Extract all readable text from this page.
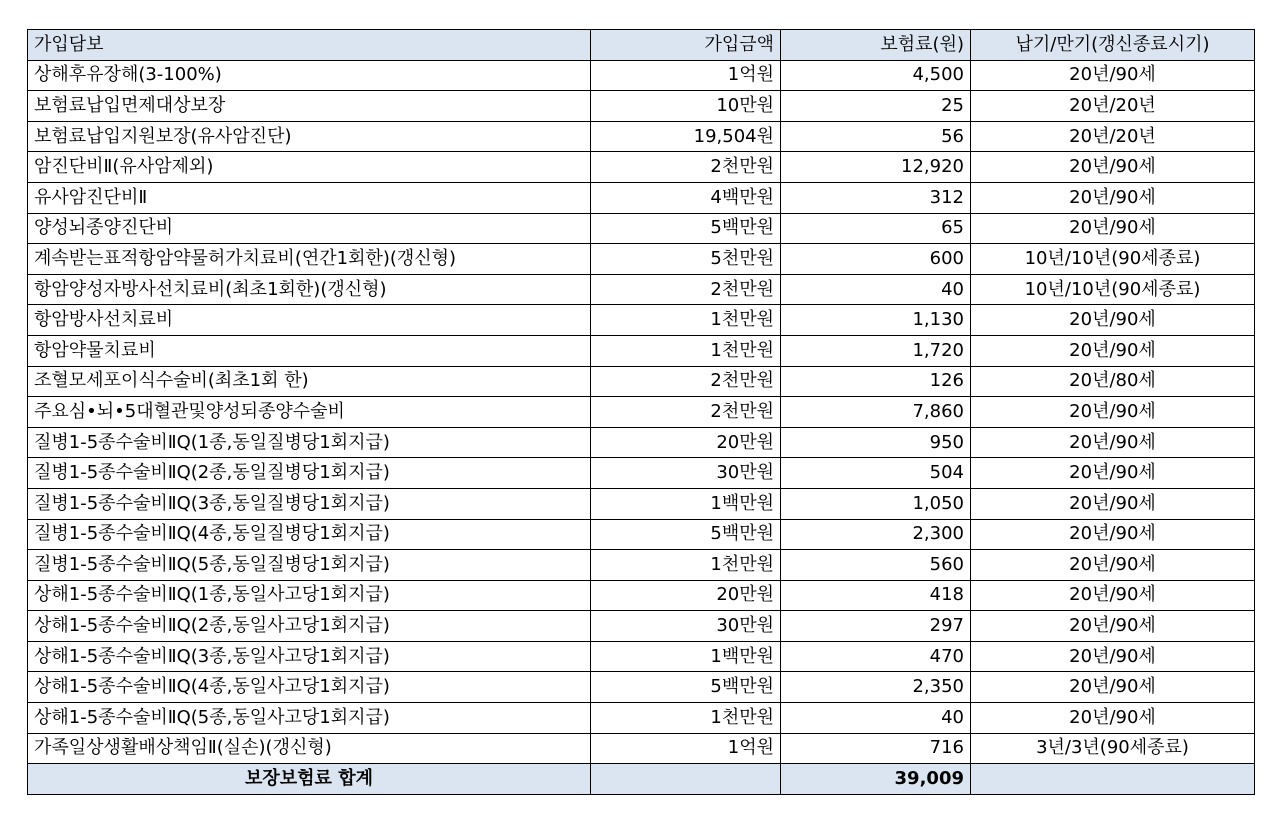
가입담보	가입금액	보험료(원)	납기/만기(갱신종료시기)
상해후유장해(3-100%)	1억원	4,500	20년/90세
보험료납입면제대상보장	10만원	25	20년/20년
보험료납입지원보장(유사암진단)	19,504원	56	20년/20년
암진단비Ⅱ(유사암제외)	2천만원	12,920	20년/90세
유사암진단비Ⅱ	4백만원	312	20년/90세
양성뇌종양진단비	5백만원	65	20년/90세
계속받는표적항암약물허가치료비(연간1회한)(갱신형)	5천만원	600	10년/10년(90세종료)
항암양성자방사선치료비(최초1회한)(갱신형)	2천만원	40	10년/10년(90세종료)
항암방사선치료비	1천만원	1,130	20년/90세
항암약물치료비	1천만원	1,720	20년/90세
조혈모세포이식수술비(최초1회 한)	2천만원	126	20년/80세
주요심•뇌•5대혈관및양성되종양수술비	2천만원	7,860	20년/90세
질병1-5종수술비ⅡQ(1종,동일질병당1회지급)	20만원	950	20년/90세
질병1-5종수술비ⅡQ(2종,동일질병당1회지급)	30만원	504	20년/90세
질병1-5종수술비ⅡQ(3종,동일질병당1회지급)	1백만원	1,050	20년/90세
질병1-5종수술비ⅡQ(4종,동일질병당1회지급)	5백만원	2,300	20년/90세
질병1-5종수술비ⅡQ(5종,동일질병당1회지급)	1천만원	560	20년/90세
상해1-5종수술비ⅡQ(1종,동일사고당1회지급)	20만원	418	20년/90세
상해1-5종수술비ⅡQ(2종,동일사고당1회지급)	30만원	297	20년/90세
상해1-5종수술비ⅡQ(3종,동일사고당1회지급)	1백만원	470	20년/90세
상해1-5종수술비ⅡQ(4종,동일사고당1회지급)	5백만원	2,350	20년/90세
상해1-5종수술비ⅡQ(5종,동일사고당1회지급)	1천만원	40	20년/90세
가족일상생활배상책임Ⅱ(실손)(갱신형)	1억원	716	3년/3년(90세종료)
보장보험료 합계		39,009	
